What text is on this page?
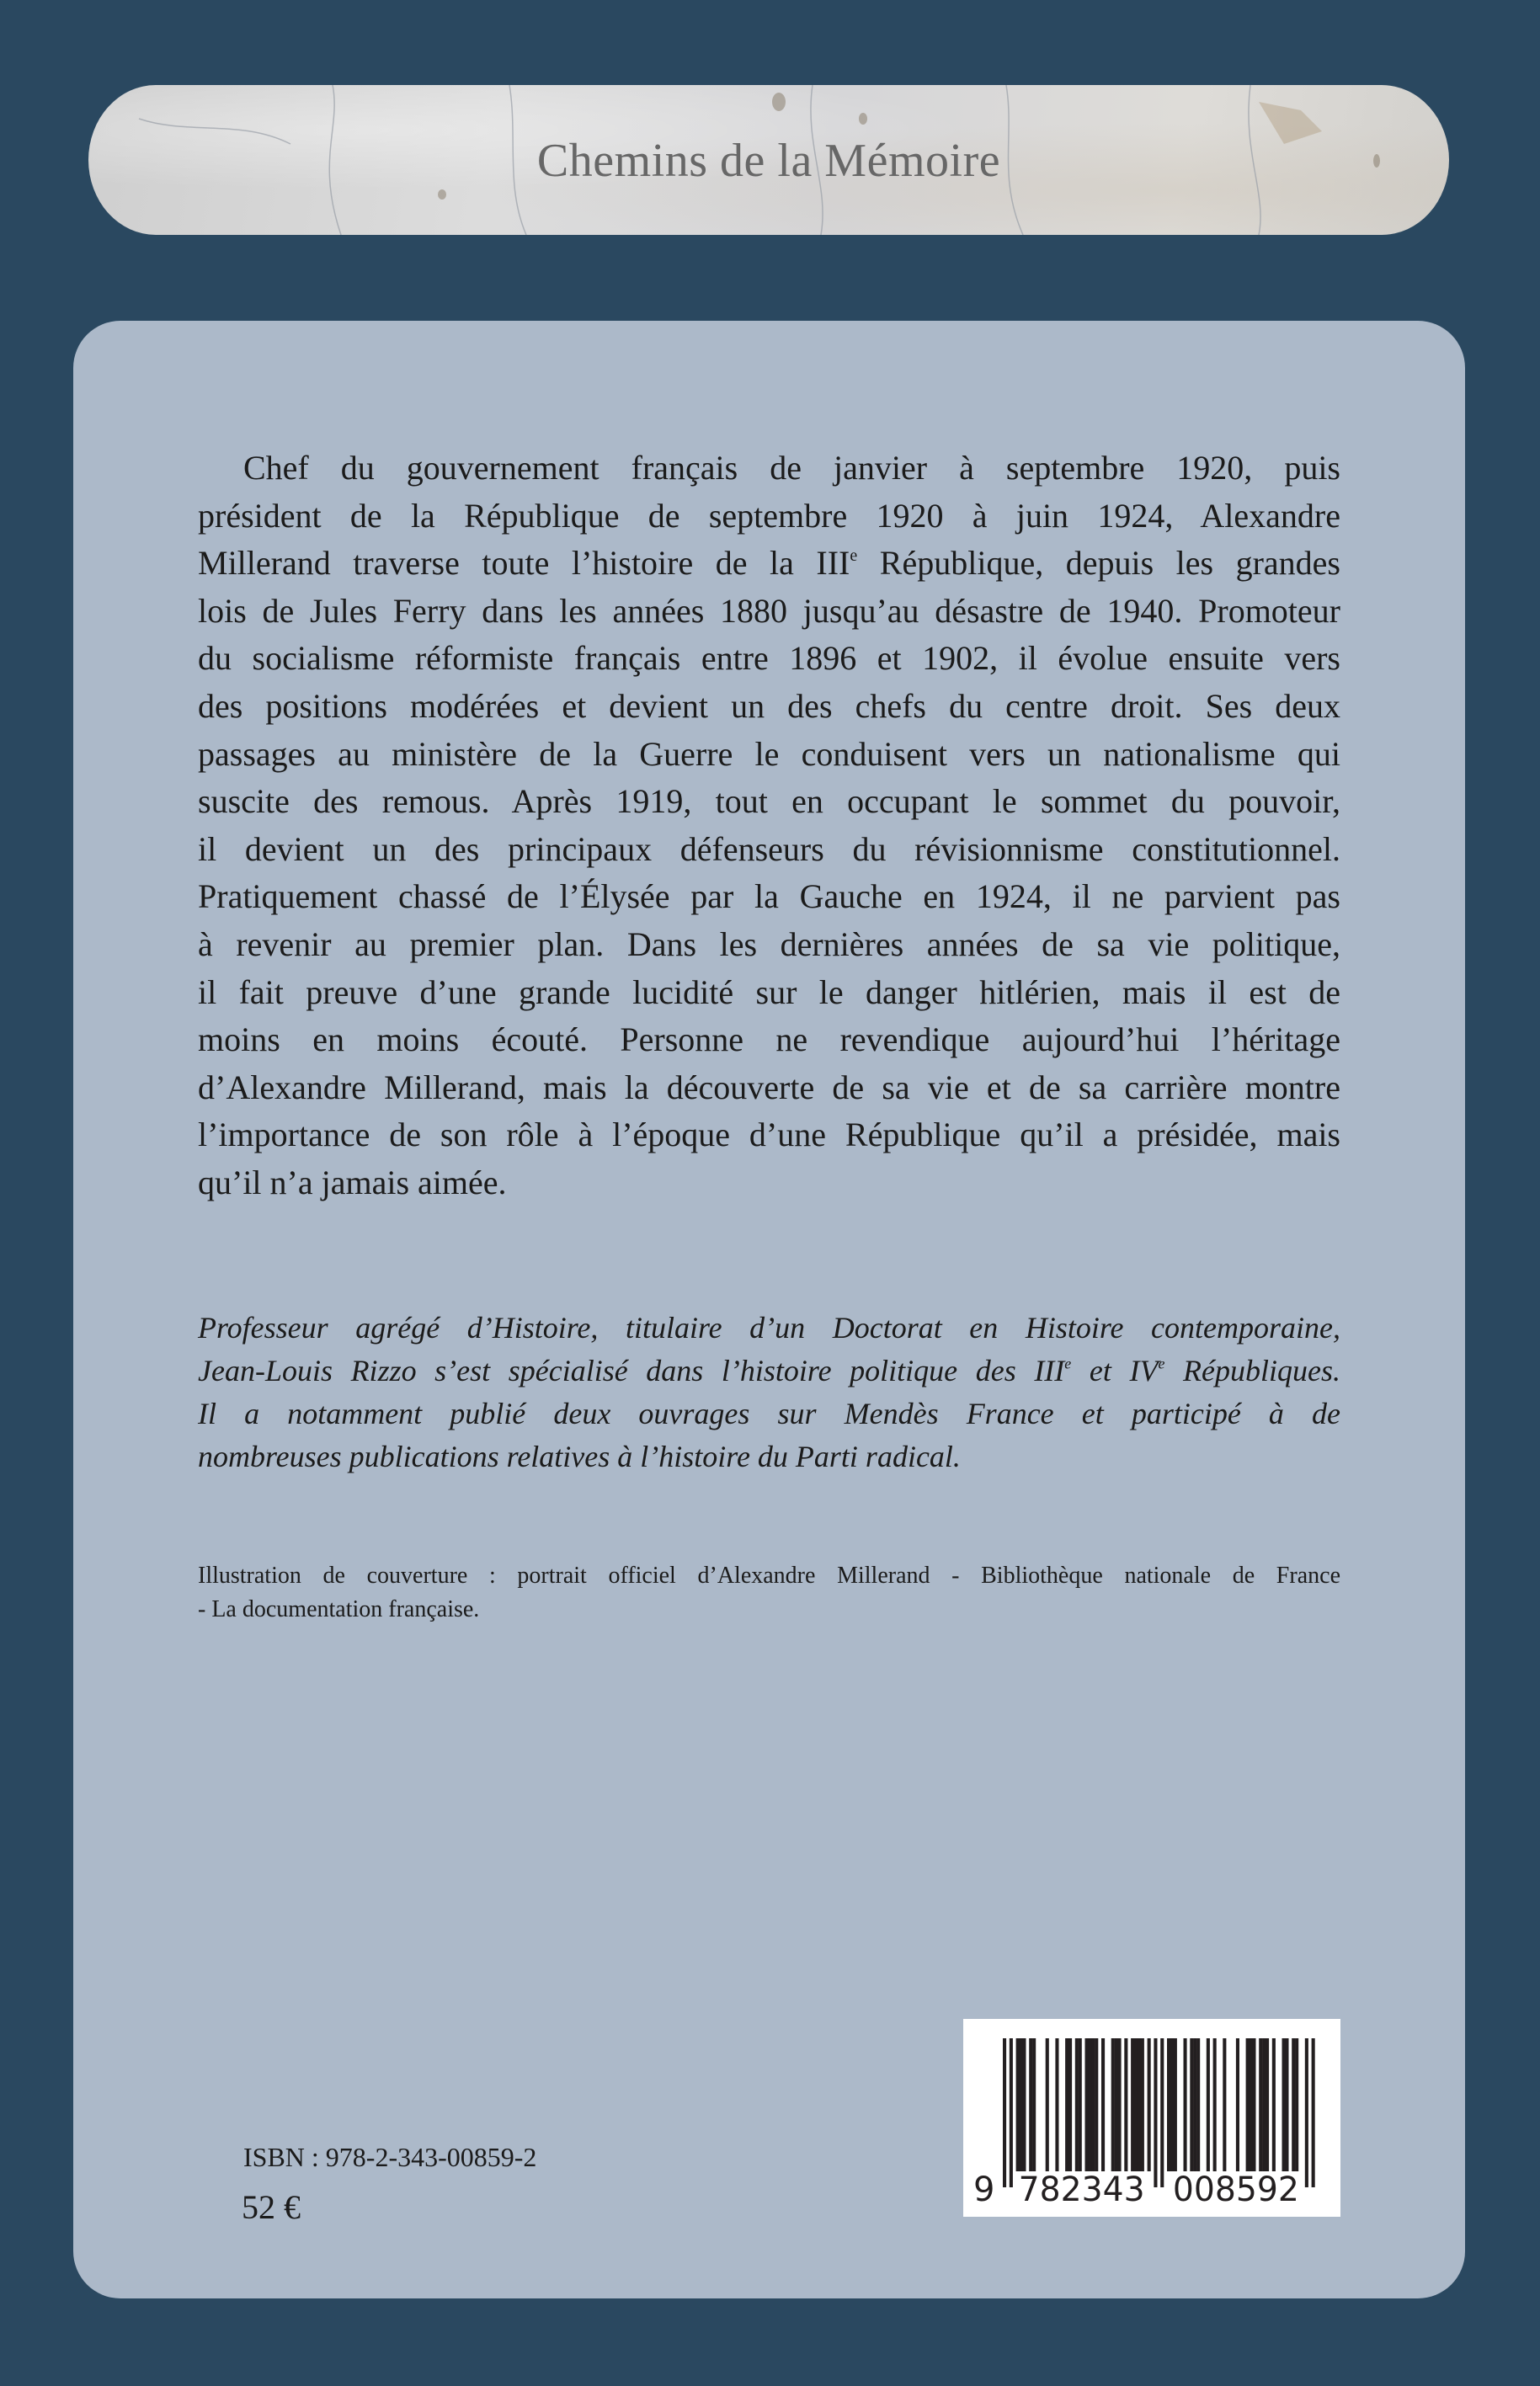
Chemins de la Mémoire
Chef du gouvernement français de janvier à septembre 1920, puis
président de la République de septembre 1920 à juin 1924, Alexandre
Millerand traverse toute l’histoire de la IIIe République, depuis les grandes
lois de Jules Ferry dans les années 1880 jusqu’au désastre de 1940. Promoteur
du socialisme réformiste français entre 1896 et 1902, il évolue ensuite vers
des positions modérées et devient un des chefs du centre droit. Ses deux
passages au ministère de la Guerre le conduisent vers un nationalisme qui
suscite des remous. Après 1919, tout en occupant le sommet du pouvoir,
il devient un des principaux défenseurs du révisionnisme constitutionnel.
Pratiquement chassé de l’Élysée par la Gauche en 1924, il ne parvient pas
à revenir au premier plan. Dans les dernières années de sa vie politique,
il fait preuve d’une grande lucidité sur le danger hitlérien, mais il est de
moins en moins écouté. Personne ne revendique aujourd’hui l’héritage
d’Alexandre Millerand, mais la découverte de sa vie et de sa carrière montre
l’importance de son rôle à l’époque d’une République qu’il a présidée, mais
qu’il n’a jamais aimée.
Professeur agrégé d’Histoire, titulaire d’un Doctorat en Histoire contemporaine,
Jean-Louis Rizzo s’est spécialisé dans l’histoire politique des IIIe et IVe Républiques.
Il a notamment publié deux ouvrages sur Mendès France et participé à de
nombreuses publications relatives à l’histoire du Parti radical.
Illustration de couverture : portrait officiel d’Alexandre Millerand - Bibliothèque nationale de France
- La documentation française.
ISBN : 978-2-343-00859-2
52 €	9 782343 008592
